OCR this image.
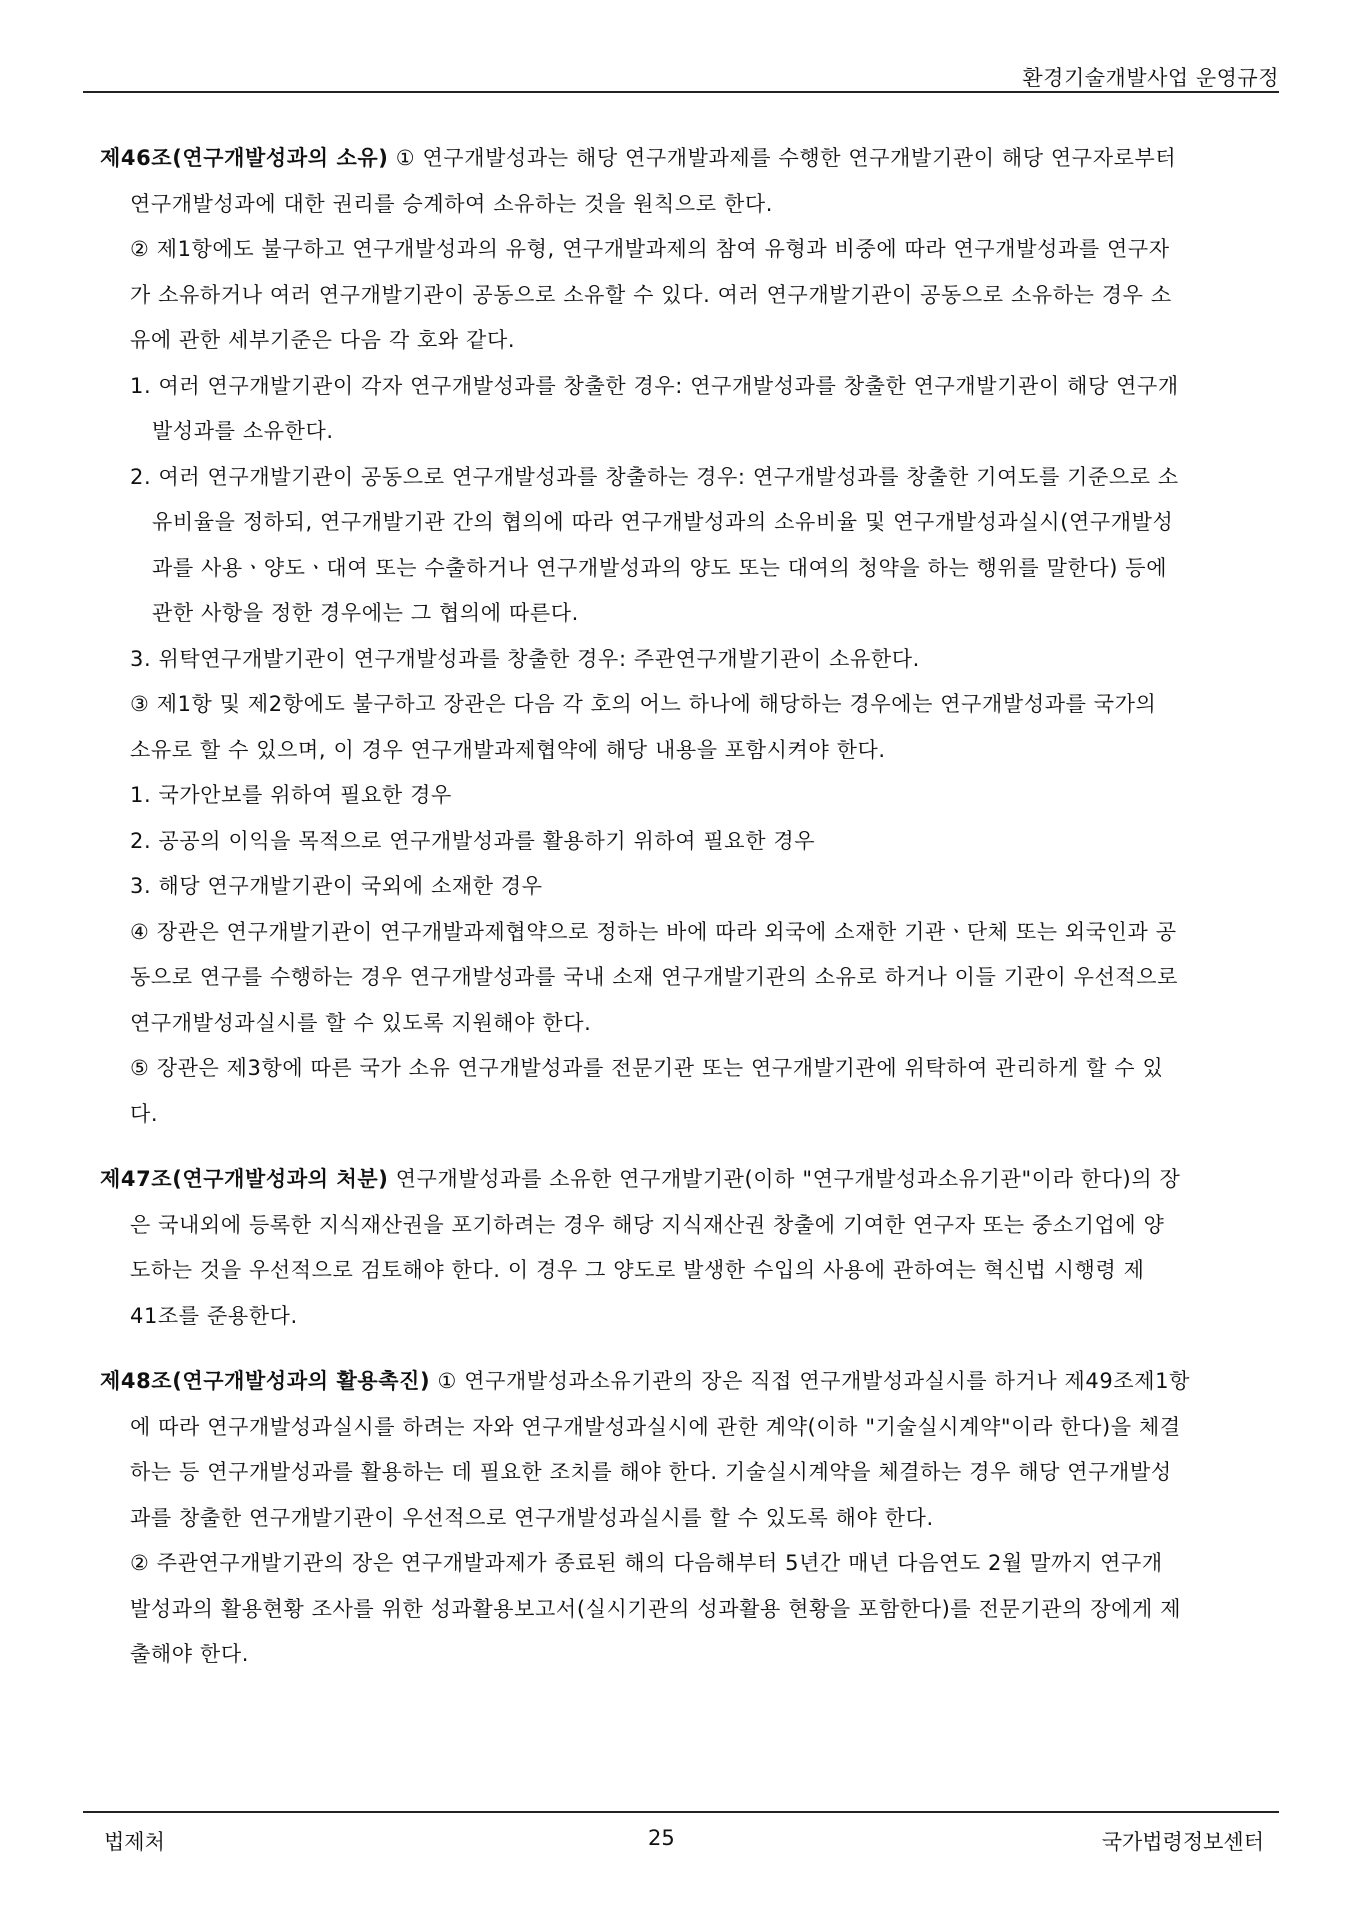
환경기술개발사업 운영규정
제46조(연구개발성과의 소유) ① 연구개발성과는 해당 연구개발과제를 수행한 연구개발기관이 해당 연구자로부터
연구개발성과에 대한 권리를 승계하여 소유하는 것을 원칙으로 한다.
② 제1항에도 불구하고 연구개발성과의 유형, 연구개발과제의 참여 유형과 비중에 따라 연구개발성과를 연구자
가 소유하거나 여러 연구개발기관이 공동으로 소유할 수 있다. 여러 연구개발기관이 공동으로 소유하는 경우 소
유에 관한 세부기준은 다음 각 호와 같다.
1. 여러 연구개발기관이 각자 연구개발성과를 창출한 경우: 연구개발성과를 창출한 연구개발기관이 해당 연구개
발성과를 소유한다.
2. 여러 연구개발기관이 공동으로 연구개발성과를 창출하는 경우: 연구개발성과를 창출한 기여도를 기준으로 소
유비율을 정하되, 연구개발기관 간의 협의에 따라 연구개발성과의 소유비율 및 연구개발성과실시(연구개발성
과를 사용ㆍ양도ㆍ대여 또는 수출하거나 연구개발성과의 양도 또는 대여의 청약을 하는 행위를 말한다) 등에
관한 사항을 정한 경우에는 그 협의에 따른다.
3. 위탁연구개발기관이 연구개발성과를 창출한 경우: 주관연구개발기관이 소유한다.
③ 제1항 및 제2항에도 불구하고 장관은 다음 각 호의 어느 하나에 해당하는 경우에는 연구개발성과를 국가의
소유로 할 수 있으며, 이 경우 연구개발과제협약에 해당 내용을 포함시켜야 한다.
1. 국가안보를 위하여 필요한 경우
2. 공공의 이익을 목적으로 연구개발성과를 활용하기 위하여 필요한 경우
3. 해당 연구개발기관이 국외에 소재한 경우
④ 장관은 연구개발기관이 연구개발과제협약으로 정하는 바에 따라 외국에 소재한 기관ㆍ단체 또는 외국인과 공
동으로 연구를 수행하는 경우 연구개발성과를 국내 소재 연구개발기관의 소유로 하거나 이들 기관이 우선적으로
연구개발성과실시를 할 수 있도록 지원해야 한다.
⑤ 장관은 제3항에 따른 국가 소유 연구개발성과를 전문기관 또는 연구개발기관에 위탁하여 관리하게 할 수 있
다.
제47조(연구개발성과의 처분) 연구개발성과를 소유한 연구개발기관(이하 "연구개발성과소유기관"이라 한다)의 장
은 국내외에 등록한 지식재산권을 포기하려는 경우 해당 지식재산권 창출에 기여한 연구자 또는 중소기업에 양
도하는 것을 우선적으로 검토해야 한다. 이 경우 그 양도로 발생한 수입의 사용에 관하여는 혁신법 시행령 제
41조를 준용한다.
제48조(연구개발성과의 활용촉진) ① 연구개발성과소유기관의 장은 직접 연구개발성과실시를 하거나 제49조제1항
에 따라 연구개발성과실시를 하려는 자와 연구개발성과실시에 관한 계약(이하 "기술실시계약"이라 한다)을 체결
하는 등 연구개발성과를 활용하는 데 필요한 조치를 해야 한다. 기술실시계약을 체결하는 경우 해당 연구개발성
과를 창출한 연구개발기관이 우선적으로 연구개발성과실시를 할 수 있도록 해야 한다.
② 주관연구개발기관의 장은 연구개발과제가 종료된 해의 다음해부터 5년간 매년 다음연도 2월 말까지 연구개
발성과의 활용현황 조사를 위한 성과활용보고서(실시기관의 성과활용 현황을 포함한다)를 전문기관의 장에게 제
출해야 한다.
법제처	25	국가법령정보센터
